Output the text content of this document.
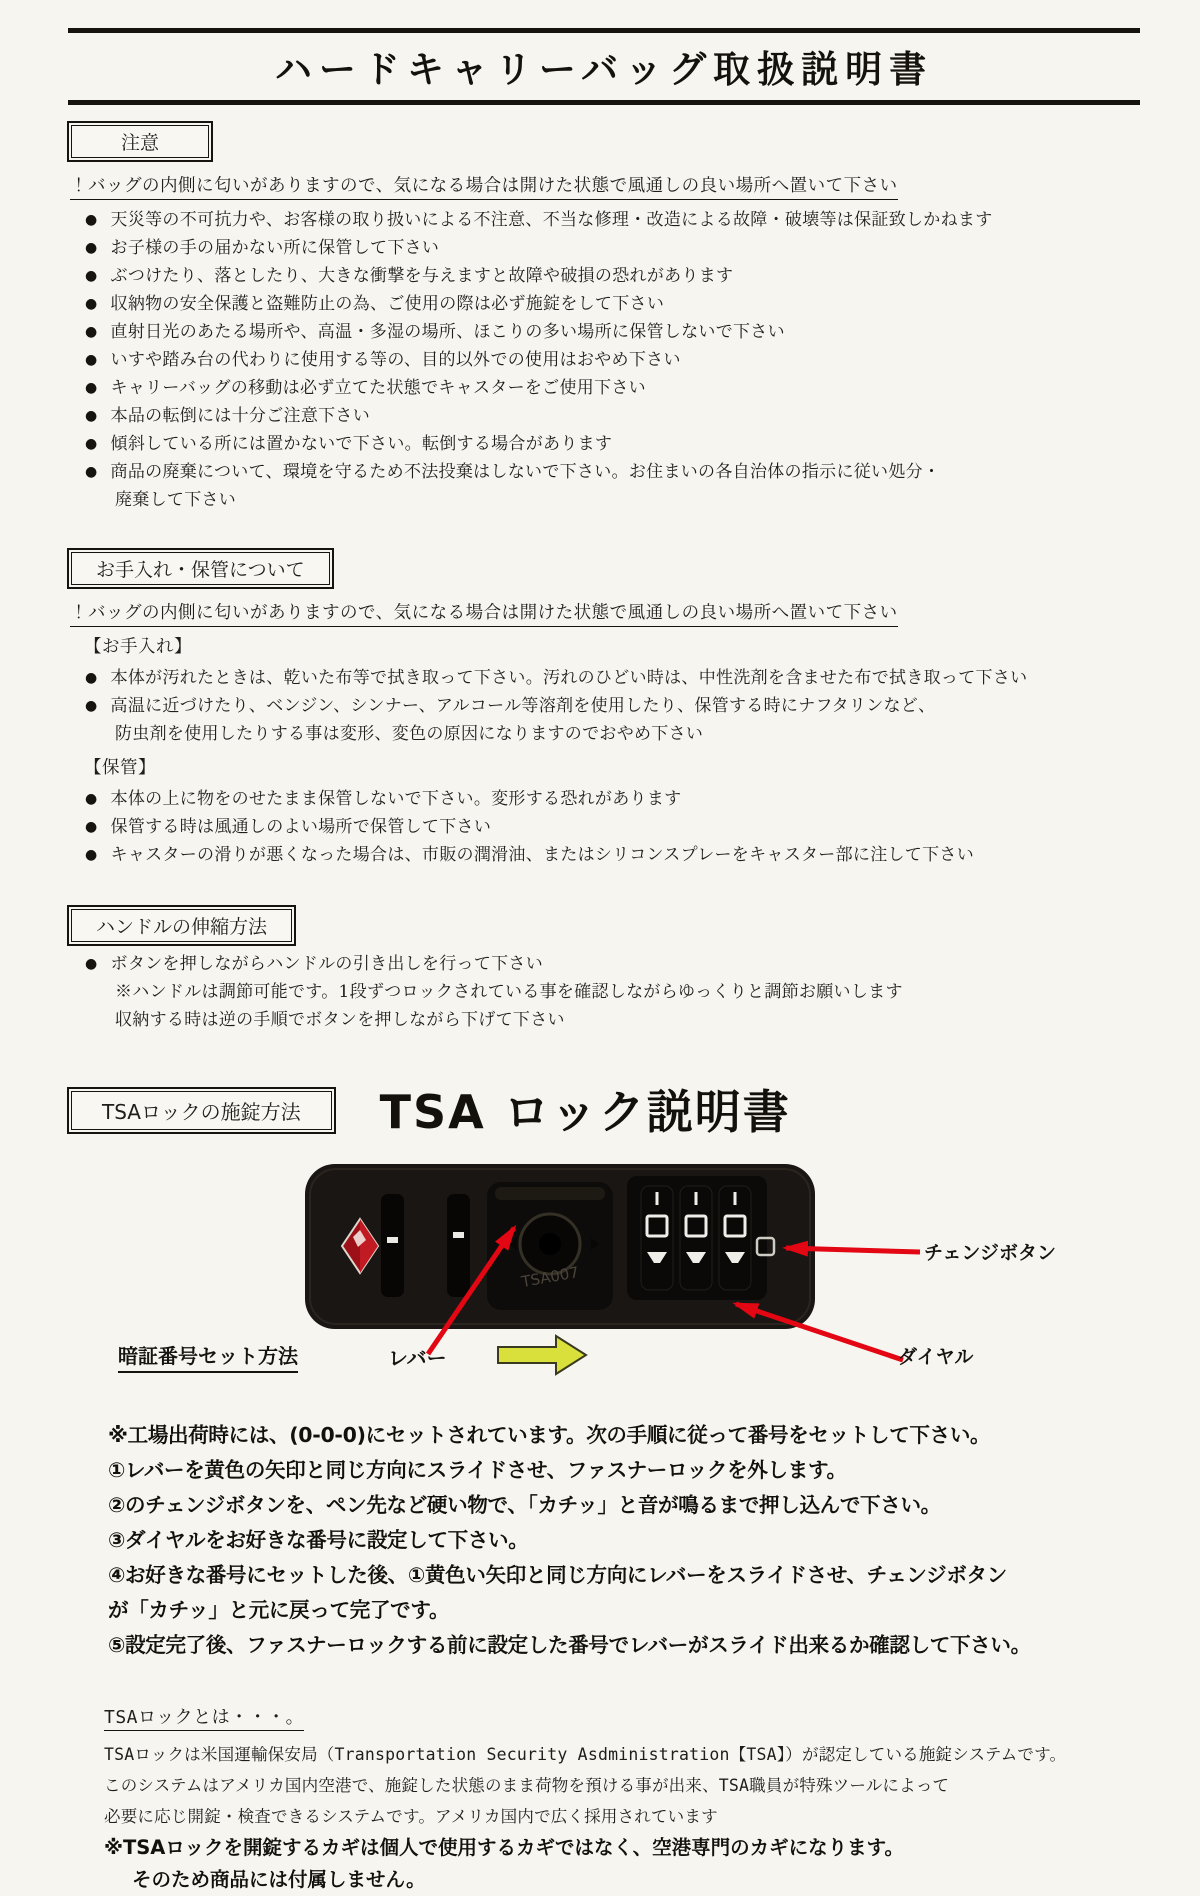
ハードキャリーバッグ取扱説明書
注意
！バッグの内側に匂いがありますので、気になる場合は開けた状態で風通しの良い場所へ置いて下さい
● 天災等の不可抗力や、お客様の取り扱いによる不注意、不当な修理・改造による故障・破壊等は保証致しかねます
● お子様の手の届かない所に保管して下さい
● ぶつけたり、落としたり、大きな衝撃を与えますと故障や破損の恐れがあります
● 収納物の安全保護と盗難防止の為、ご使用の際は必ず施錠をして下さい
● 直射日光のあたる場所や、高温・多湿の場所、ほこりの多い場所に保管しないで下さい
● いすや踏み台の代わりに使用する等の、目的以外での使用はおやめ下さい
● キャリーバッグの移動は必ず立てた状態でキャスターをご使用下さい
● 本品の転倒には十分ご注意下さい
● 傾斜している所には置かないで下さい。転倒する場合があります
● 商品の廃棄について、環境を守るため不法投棄はしないで下さい。お住まいの各自治体の指示に従い処分・
廃棄して下さい
お手入れ・保管について
！バッグの内側に匂いがありますので、気になる場合は開けた状態で風通しの良い場所へ置いて下さい
【お手入れ】
● 本体が汚れたときは、乾いた布等で拭き取って下さい。汚れのひどい時は、中性洗剤を含ませた布で拭き取って下さい
● 高温に近づけたり、ベンジン、シンナー、アルコール等溶剤を使用したり、保管する時にナフタリンなど、
防虫剤を使用したりする事は変形、変色の原因になりますのでおやめ下さい
【保管】
● 本体の上に物をのせたまま保管しないで下さい。変形する恐れがあります
● 保管する時は風通しのよい場所で保管して下さい
● キャスターの滑りが悪くなった場合は、市販の潤滑油、またはシリコンスプレーをキャスター部に注して下さい
ハンドルの伸縮方法
● ボタンを押しながらハンドルの引き出しを行って下さい
※ハンドルは調節可能です。1段ずつロックされている事を確認しながらゆっくりと調節お願いします
収納する時は逆の手順でボタンを押しながら下げて下さい
TSAロックの施錠方法	TSA ロック説明書
TSA007
暗証番号セット方法	レバー
チェンジボタン
ダイヤル
※工場出荷時には、(0-0-0)にセットされています。次の手順に従って番号をセットして下さい。
①レバーを黄色の矢印と同じ方向にスライドさせ、ファスナーロックを外します。
②のチェンジボタンを、ペン先など硬い物で、「カチッ」と音が鳴るまで押し込んで下さい。
③ダイヤルをお好きな番号に設定して下さい。
④お好きな番号にセットした後、①黄色い矢印と同じ方向にレバーをスライドさせ、チェンジボタン
が「カチッ」と元に戻って完了です。
⑤設定完了後、ファスナーロックする前に設定した番号でレバーがスライド出来るか確認して下さい。
TSAロックとは・・・。
TSAロックは米国運輸保安局（Transportation Security Asdministration【TSA】）が認定している施錠システムです。
このシステムはアメリカ国内空港で、施錠した状態のまま荷物を預ける事が出来、TSA職員が特殊ツールによって
必要に応じ開錠・検査できるシステムです。アメリカ国内で広く採用されています
※TSAロックを開錠するカギは個人で使用するカギではなく、空港専門のカギになります。
そのため商品には付属しません。
